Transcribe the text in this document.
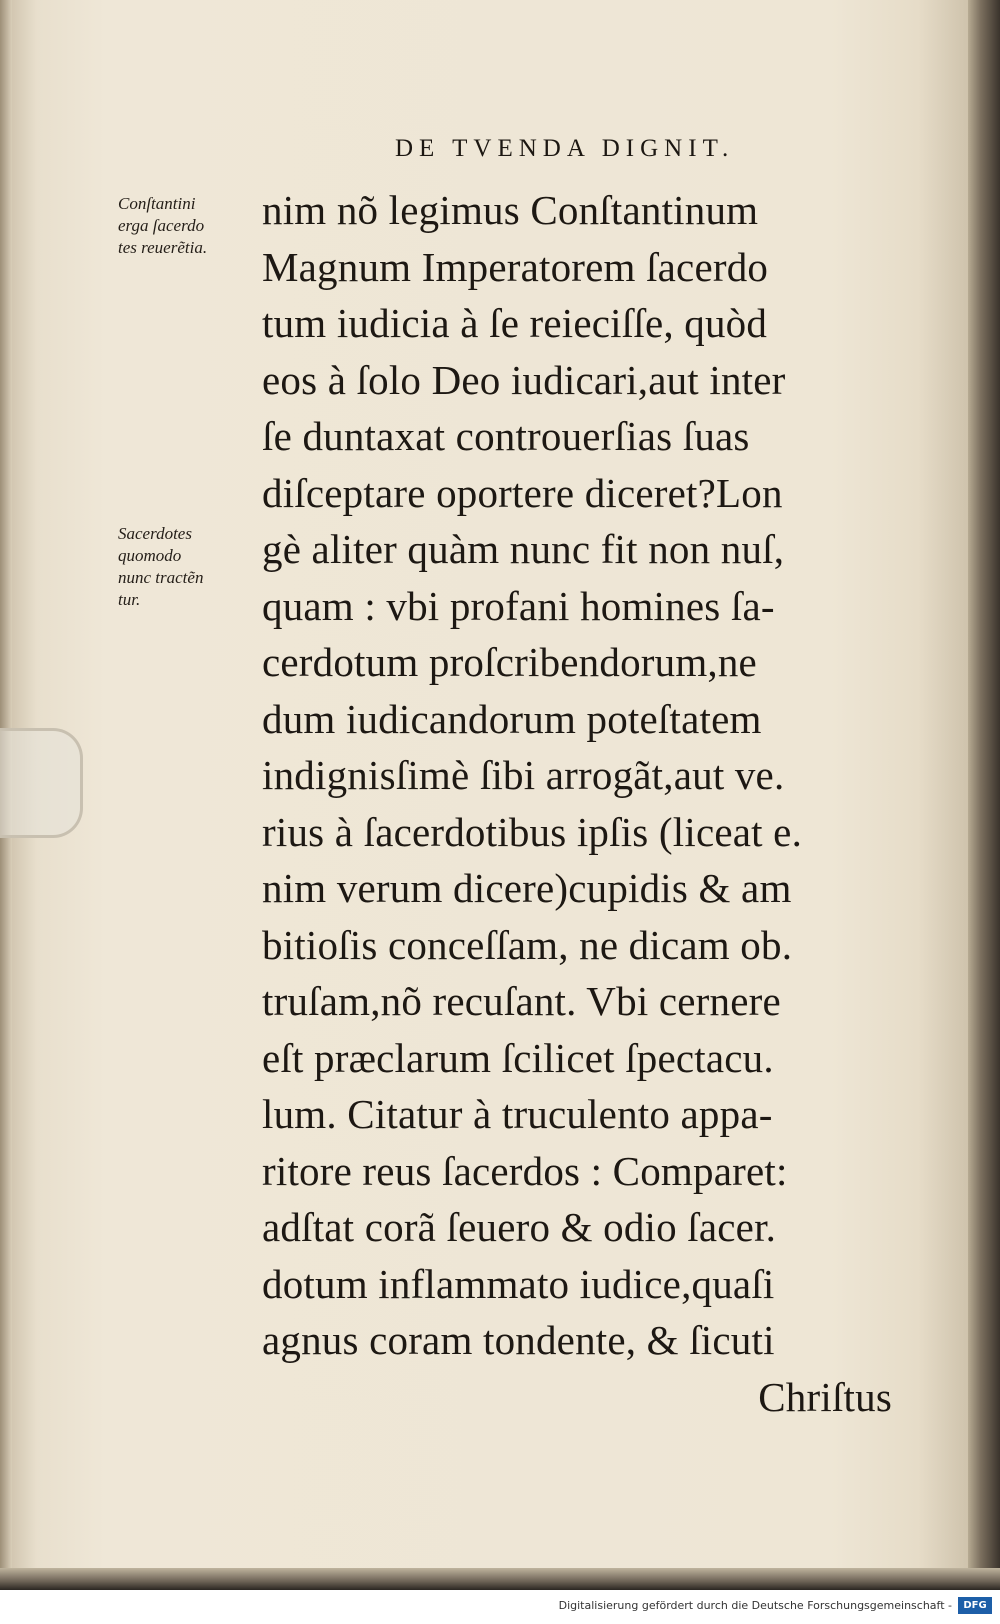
DE TVENDA DIGNIT.
Conſtantini
erga ſacerdo
tes reuerẽtia.
Sacerdotes
quomodo
nunc tractẽn
tur.
nim nõ legimus Conſtantinum
Magnum Imperatorem ſacerdo
tum iudicia à ſe reieciſſe, quòd
eos à ſolo Deo iudicari,aut inter
ſe duntaxat controuerſias ſuas
diſceptare oportere diceret?Lon
gè aliter quàm nunc fit non nuſ,
quam : vbi profani homines ſa-
cerdotum proſcribendorum,ne
dum iudicandorum poteſtatem
indignisſimè ſibi arrogãt,aut ve.
rius à ſacerdotibus ipſis (liceat e.
nim verum dicere)cupidis & am
bitioſis conceſſam, ne dicam ob.
truſam,nõ recuſant. Vbi cernere
eſt præclarum ſcilicet ſpectacu.
lum. Citatur à truculento appa-
ritore reus ſacerdos : Comparet:
adſtat corã ſeuero & odio ſacer.
dotum inflammato iudice,quaſi
agnus coram tondente, & ſicuti
Chriſtus
Digitalisierung gefördert durch die Deutsche Forschungsgemeinschaft -	DFG
